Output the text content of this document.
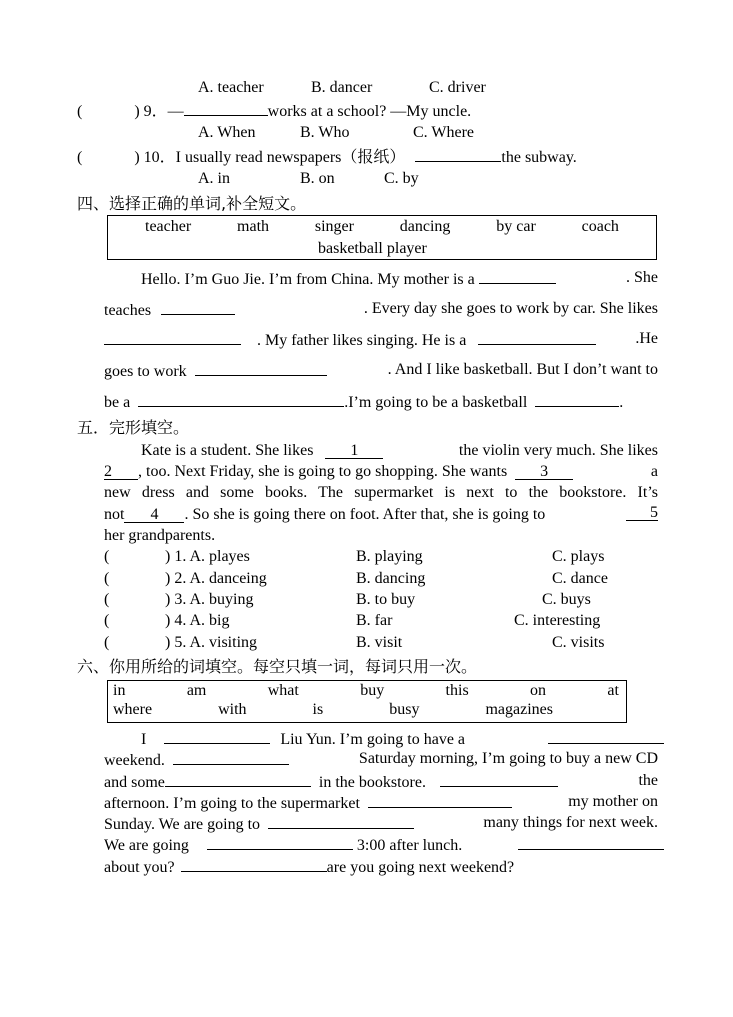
A. teacher	B. dancer	C. driver
(	) 9．—	works at a school? —My uncle.
A. When	B. Who	C. Where
(	) 10．I usually read newspapers（报纸）	the subway.
A. in	B. on	C. by
四、选择正确的单词,补全短文。
teacher	math	singer	dancing	by car	coach
basketball player
Hello. I’m Guo Jie. I’m from China. My mother is a	. She
teaches	. Every day she goes to work by car. She likes
. My father likes singing. He is a	.He
goes to work	. And I like basketball. But I don’t want to
be a	.I’m going to be a basketball	.
五．完形填空。
Kate is a student. She likes 1	the violin very much. She likes
2 , too. Next Friday, she is going to go shopping. She wants 3	a
new dress and some books. The supermarket is next to the bookstore. It’s
not 4 . So she is going there on foot. After that, she is going to	5
her grandparents.
(	) 1. A. playes	B. playing	C. plays
(	) 2. A. danceing	B. dancing	C. dance
(	) 3. A. buying	B. to buy	C. buys
(	) 4. A. big	B. far	C. interesting
(	) 5. A. visiting	B. visit	C. visits
六、你用所给的词填空。每空只填一词，每词只用一次。
in	am	what	buy	this	on	at
where	with	is	busy	magazines
I	Liu Yun. I’m going to have a
weekend.	Saturday morning, I’m going to buy a new CD
and some	in the bookstore.	the
afternoon. I’m going to the supermarket	my mother on
Sunday. We are going to	many things for next week.
We are going	3:00 after lunch.
about you?	are you going next weekend?
